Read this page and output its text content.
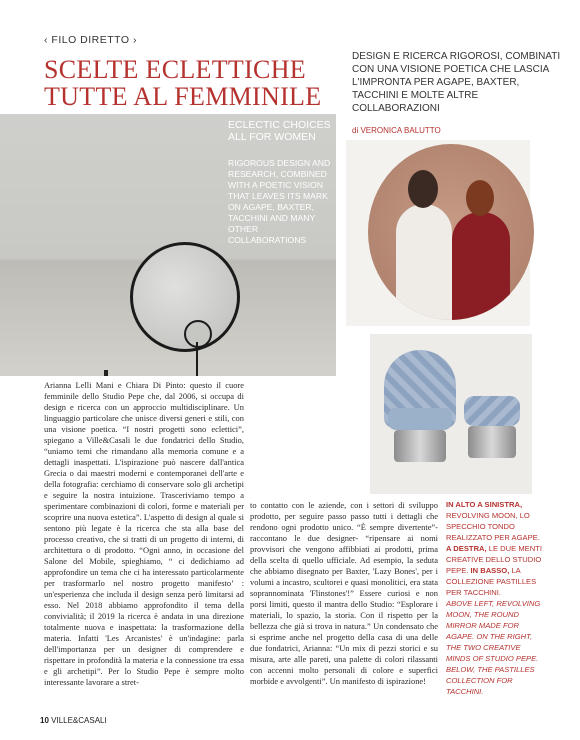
‹ FILO DIRETTO ›
SCELTE ECLETTICHE
TUTTE AL FEMMINILE
DESIGN E RICERCA RIGOROSI, COMBINATI CON UNA VISIONE POETICA CHE LASCIA L'IMPRONTA PER AGAPE, BAXTER, TACCHINI E MOLTE ALTRE COLLABORAZIONI
di VERONICA BALUTTO
ECLECTIC CHOICES ALL FOR WOMEN
RIGOROUS DESIGN AND RESEARCH, COMBINED WITH A POETIC VISION THAT LEAVES ITS MARK ON AGAPE, BAXTER, TACCHINI AND MANY OTHER COLLABORATIONS
Arianna Lelli Mani e Chiara Di Pinto: questo il cuore femminile dello Studio Pepe che, dal 2006, si occupa di design e ricerca con un approccio multidisciplinare. Un linguaggio particolare che unisce diversi generi e stili, con una visione poetica. “I nostri progetti sono eclettici”, spiegano a Ville&Casali le due fondatrici dello Studio, “uniamo temi che rimandano alla memoria comune e a dettagli inaspettati. L'ispirazione può nascere dall'antica Grecia o dai maestri moderni e contemporanei dell'arte e della fotografia: cerchiamo di conservare solo gli archetipi e seguire la nostra intuizione. Trasceriviamo tempo a sperimentare combinazioni di colori, forme e materiali per scoprire una nuova estetica”. L'aspetto di design al quale si sentono più legate è la ricerca che sta alla base del processo creativo, che si tratti di un progetto di interni, di architettura o di prodotto. “Ogni anno, in occasione del Salone del Mobile, spieghiamo, “ ci dedichiamo ad approfondire un tema che ci ha interessato particolarmente per trasformarlo nel nostro progetto manifesto’ : un'esperienza che includa il design senza però limitarsi ad esso. Nel 2018 abbiamo approfondito il tema della convivialità; il 2019 la ricerca è andata in una direzione totalmente nuova e inaspettata: la trasformazione della materia. Infatti 'Les Arcanistes' è un'indagine: parla dell'importanza per un designer di comprendere e rispettare in profondità la materia e la connessione tra essa e gli archetipi”. Per lo Studio Pepe è sempre molto interessante lavorare a stret-
to contatto con le aziende, con i settori di sviluppo prodotto, per seguire passo passo tutti i dettagli che rendono ogni prodotto unico. “È sempre divertente”- raccontano le due designer- “ripensare ai nomi provvisori che vengono affibbiati ai prodotti, prima della scelta di quello ufficiale. Ad esempio, la seduta che abbiamo disegnato per Baxter, 'Lazy Bones', per i volumi a incastro, scultorei e quasi monolitici, era stata soprannominata 'Flinstones'!” Essere curiosi e non porsi limiti, questo il mantra dello Studio: “Esplorare i materiali, lo spazio, la storia. Con il rispetto per la bellezza che già si trova in natura.” Un condensato che si esprime anche nel progetto della casa di una delle due fondatrici, Arianna: “Un mix di pezzi storici e su misura, arte alle pareti, una palette di colori rilassanti con accenni molto personali di colore e superfici morbide e avvolgenti”. Un manifesto di ispirazione!
IN ALTO A SINISTRA, REVOLVING MOON, LO SPECCHIO TONDO REALIZZATO PER AGAPE. A DESTRA, LE DUE MENTI CREATIVE DELLO STUDIO PEPE. IN BASSO, LA COLLEZIONE PASTILLES PER TACCHINI.
ABOVE LEFT, REVOLVING MOON, THE ROUND MIRROR MADE FOR AGAPE. ON THE RIGHT, THE TWO CREATIVE MINDS OF STUDIO PEPE. BELOW, THE PASTILLES COLLECTION FOR TACCHINI.
10 VILLE&CASALI
